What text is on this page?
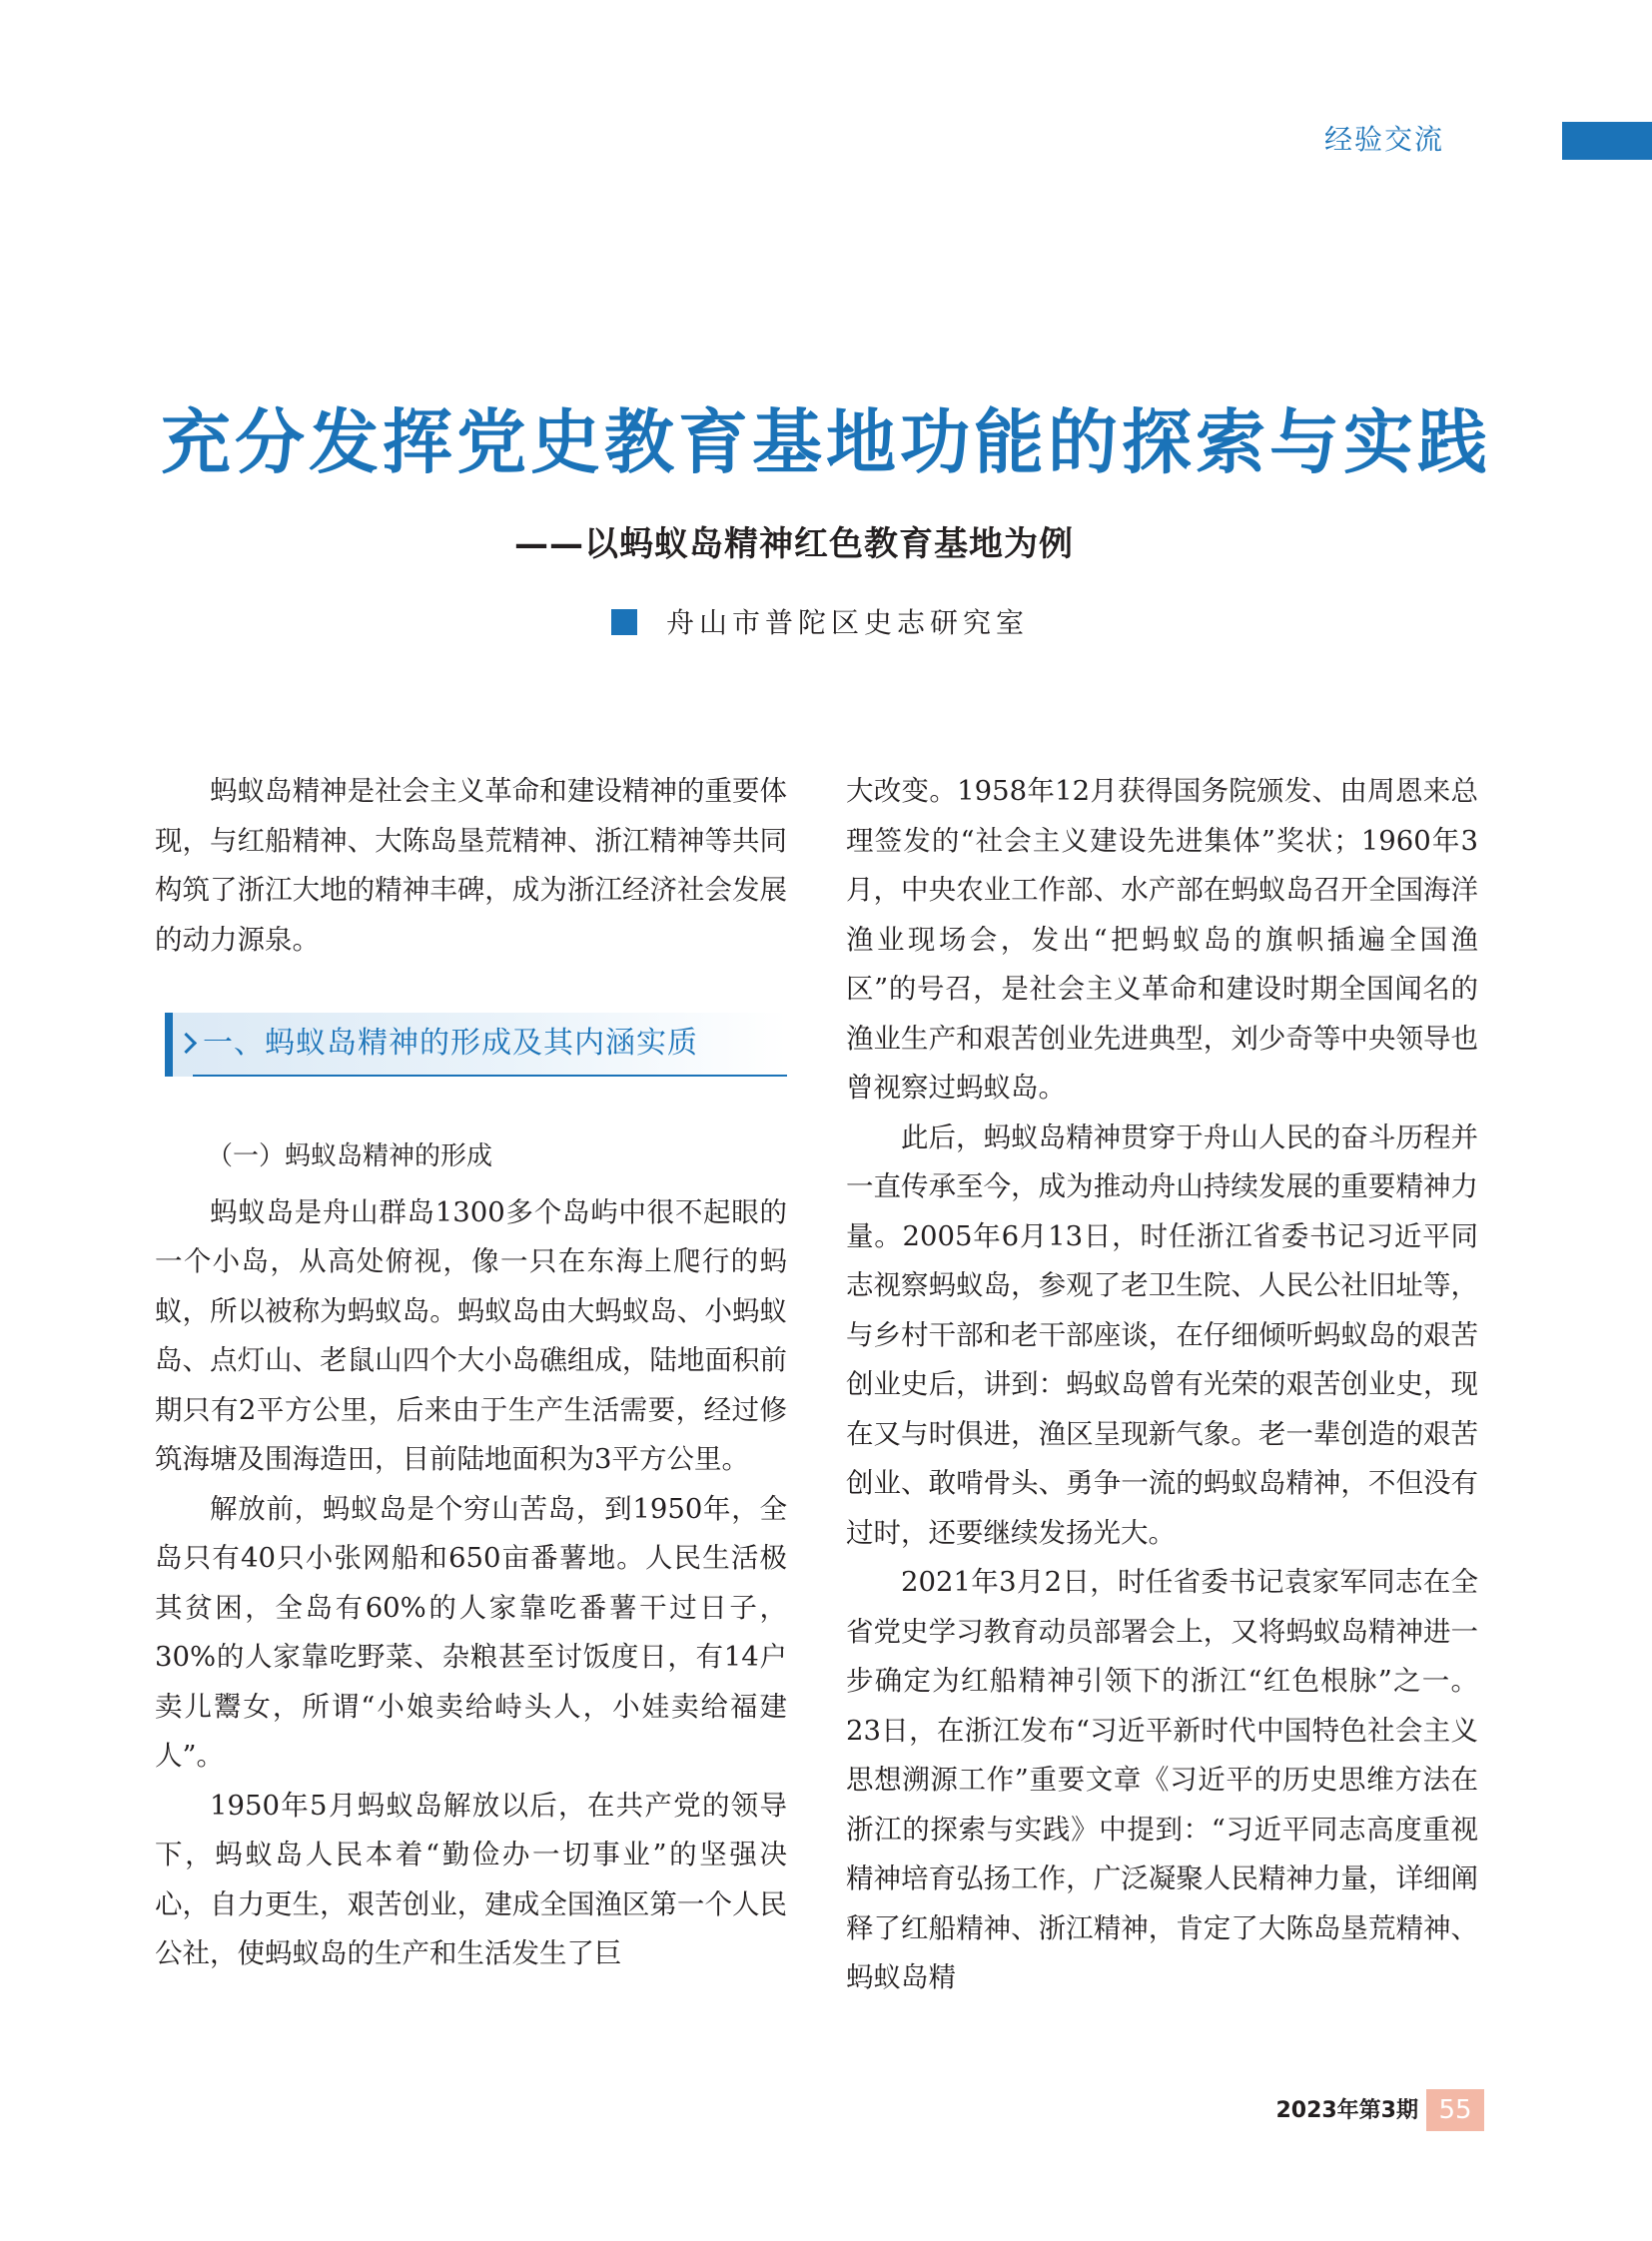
经验交流
充分发挥党史教育基地功能的探索与实践
——以蚂蚁岛精神红色教育基地为例
舟山市普陀区史志研究室

蚂蚁岛精神是社会主义革命和建设精神的重要体现，与红船精神、大陈岛垦荒精神、浙江精神等共同构筑了浙江大地的精神丰碑，成为浙江经济社会发展的动力源泉。

一、蚂蚁岛精神的形成及其内涵实质

（一）蚂蚁岛精神的形成

蚂蚁岛是舟山群岛1300多个岛屿中很不起眼的一个小岛，从高处俯视，像一只在东海上爬行的蚂蚁，所以被称为蚂蚁岛。蚂蚁岛由大蚂蚁岛、小蚂蚁岛、点灯山、老鼠山四个大小岛礁组成，陆地面积前期只有2平方公里，后来由于生产生活需要，经过修筑海塘及围海造田，目前陆地面积为3平方公里。

解放前，蚂蚁岛是个穷山苦岛，到1950年，全岛只有40只小张网船和650亩番薯地。人民生活极其贫困，全岛有60%的人家靠吃番薯干过日子，30%的人家靠吃野菜、杂粮甚至讨饭度日，有14户卖儿鬻女，所谓“小娘卖给峙头人，小娃卖给福建人”。

1950年5月蚂蚁岛解放以后，在共产党的领导下，蚂蚁岛人民本着“勤俭办一切事业”的坚强决心，自力更生，艰苦创业，建成全国渔区第一个人民公社，使蚂蚁岛的生产和生活发生了巨

大改变。1958年12月获得国务院颁发、由周恩来总理签发的“社会主义建设先进集体”奖状；1960年3月，中央农业工作部、水产部在蚂蚁岛召开全国海洋渔业现场会，发出“把蚂蚁岛的旗帜插遍全国渔区”的号召，是社会主义革命和建设时期全国闻名的渔业生产和艰苦创业先进典型，刘少奇等中央领导也曾视察过蚂蚁岛。

此后，蚂蚁岛精神贯穿于舟山人民的奋斗历程并一直传承至今，成为推动舟山持续发展的重要精神力量。2005年6月13日，时任浙江省委书记习近平同志视察蚂蚁岛，参观了老卫生院、人民公社旧址等，与乡村干部和老干部座谈，在仔细倾听蚂蚁岛的艰苦创业史后，讲到：蚂蚁岛曾有光荣的艰苦创业史，现在又与时俱进，渔区呈现新气象。老一辈创造的艰苦创业、敢啃骨头、勇争一流的蚂蚁岛精神，不但没有过时，还要继续发扬光大。

2021年3月2日，时任省委书记袁家军同志在全省党史学习教育动员部署会上，又将蚂蚁岛精神进一步确定为红船精神引领下的浙江“红色根脉”之一。23日，在浙江发布“习近平新时代中国特色社会主义思想溯源工作”重要文章《习近平的历史思维方法在浙江的探索与实践》中提到：“习近平同志高度重视精神培育弘扬工作，广泛凝聚人民精神力量，详细阐释了红船精神、浙江精神，肯定了大陈岛垦荒精神、蚂蚁岛精

2023年第3期 55
